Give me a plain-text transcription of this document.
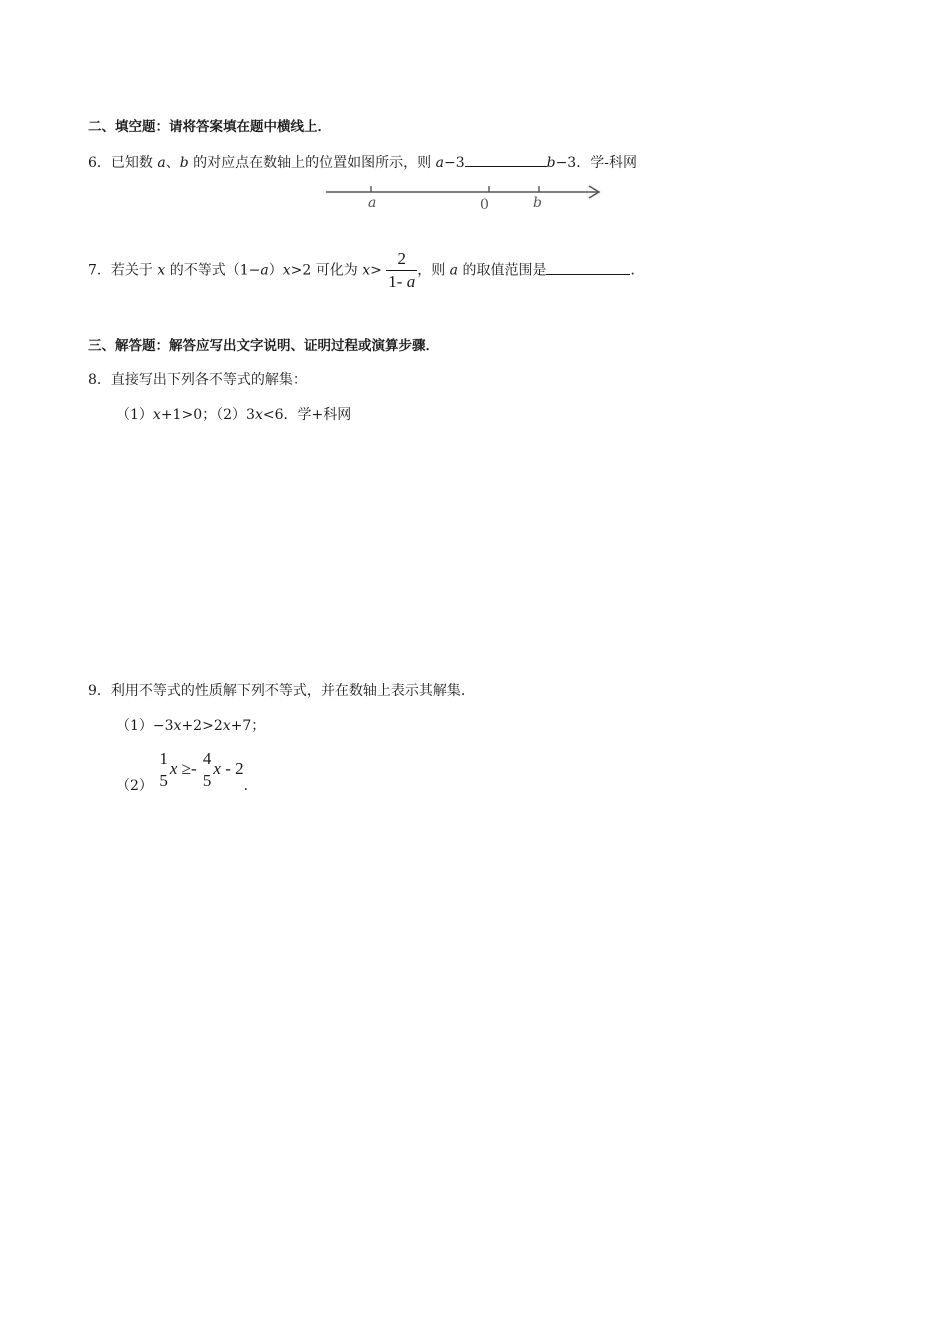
二、填空题：请将答案填在题中横线上．
6．已知数 a、b 的对应点在数轴上的位置如图所示，则 a−3	b−3．学-科网
a	0	b
7．若关于 x 的不等式（1−a）x>2 可化为 $x> \frac{2}{1- a}$ ，则 a 的取值范围是	．
三、解答题：解答应写出文字说明、证明过程或演算步骤．
8．直接写出下列各不等式的解集：
（1）x+1>0；（2）3x<6．学+科网
9．利用不等式的性质解下列不等式，并在数轴上表示其解集．
（1）−3x+2>2x+7；
（2）
1
5
x ≥-
4
5
x - 2．
